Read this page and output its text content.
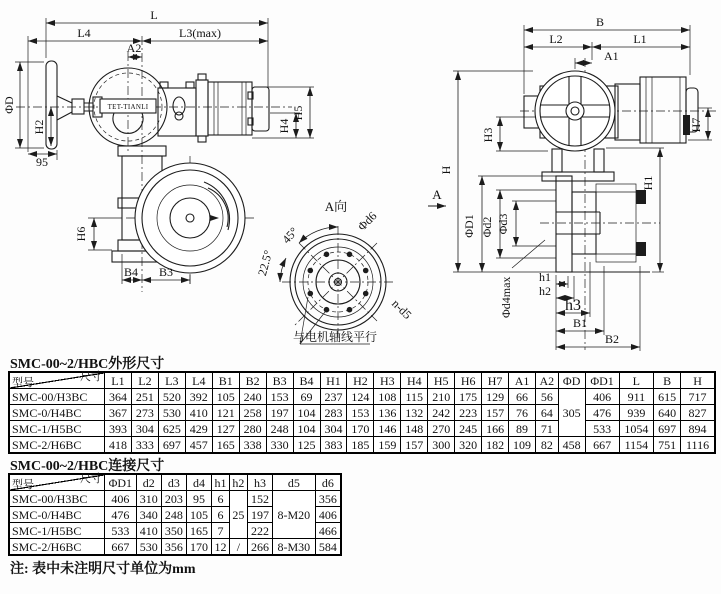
TET-TIANLI
L
L4	L3(max)
A2
ΦD
H2
95
H6
B4 B3
H4
H5
A向
45°
22.5°
Φd6
n-d5
与电机轴线平行
A
B
L2	L1
A1
H
H3
H7
H1
ΦD1 Φd2 Φd3
Φd4max h1
h2
h3
B1
B2
SMC-00~2/HBC外形尺寸
尺寸
型号	L1	L2	L3	L4	B1	B2	B3	B4	H1	H2	H3	H4	H5	H6	H7	A1	A2	ΦD	ΦD1	L	B	H
SMC-00/H3BC	364	251	520	392	105	240	153	69	237	124	108	115	210	175	129	66	56	305	406	911	615	717
SMC-0/H4BC	367	273	530	410	121	258	197	104	283	153	136	132	242	223	157	76	64		476	939	640	827
SMC-1/H5BC	393	304	625	429	127	280	248	104	304	170	146	148	270	245	166	89	71		533	1054	697	894
SMC-2/H6BC	418	333	697	457	165	338	330	125	383	185	159	157	300	320	182	109	82	458	667	1154	751	1116
SMC-00~2/HBC连接尺寸
尺寸
型号	ΦD1	d2	d3	d4	h1	h2	h3	d5	d6
SMC-00/H3BC	406	310	203	95	6	25	152	8-M20	356
SMC-0/H4BC	476	340	248	105	6		197		406
SMC-1/H5BC	533	410	350	165	7		222		466
SMC-2/H6BC	667	530	356	170	12	/	266	8-M30	584
注: 表中未注明尺寸单位为mm
